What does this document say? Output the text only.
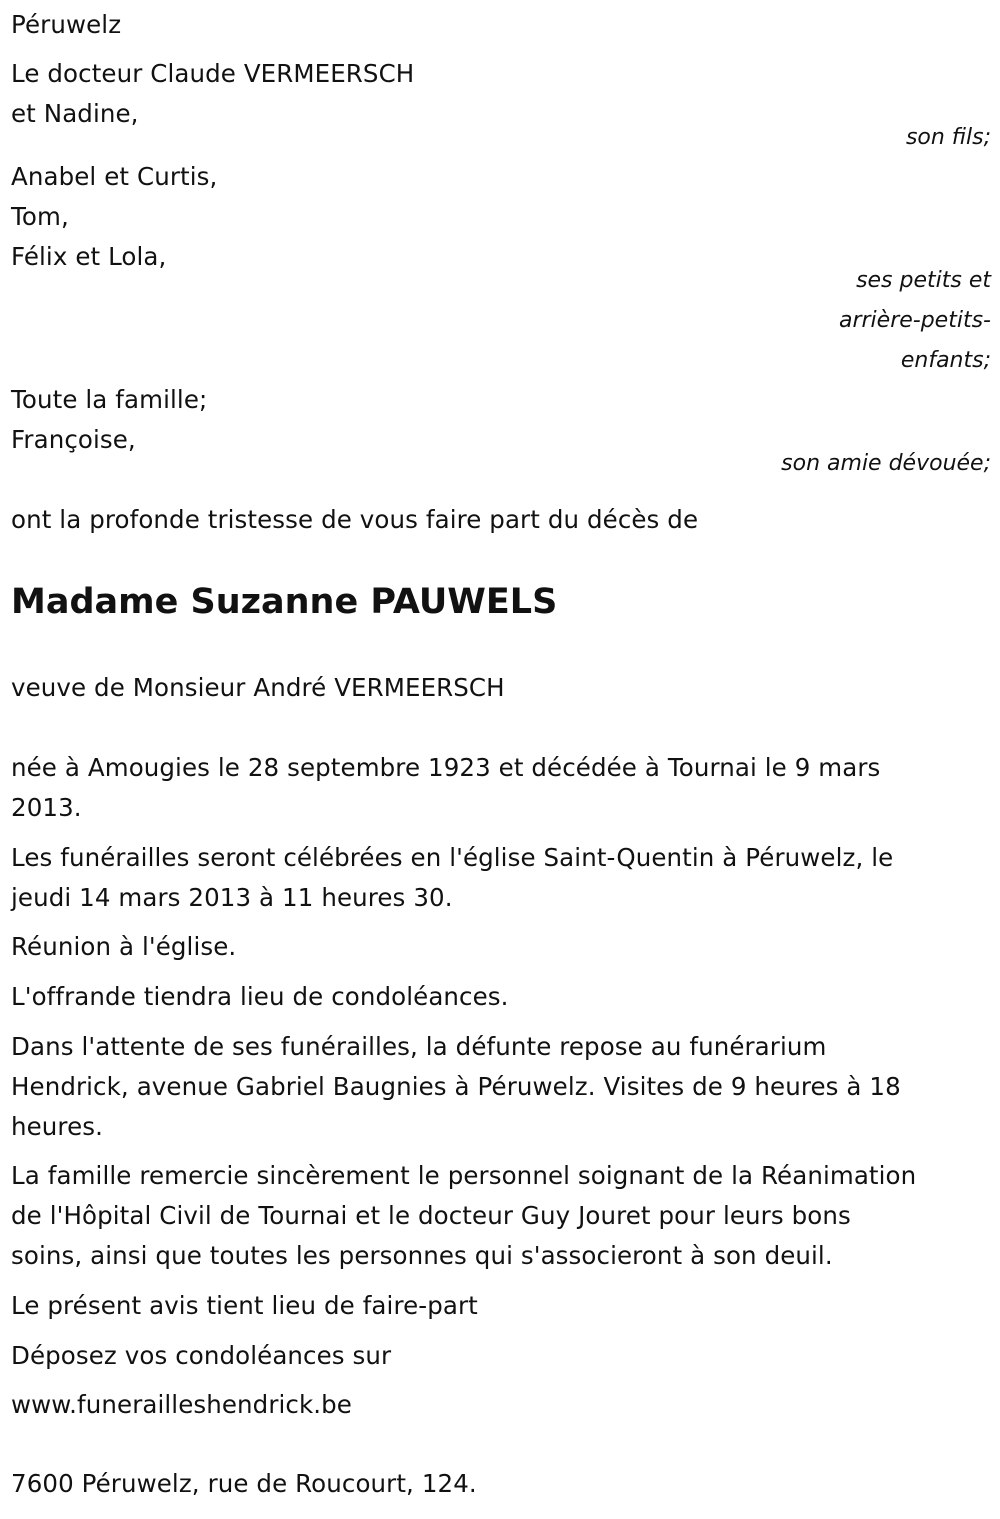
Péruwelz
Le docteur Claude VERMEERSCH
et Nadine,
son fils;
Anabel et Curtis,
Tom,
Félix et Lola,
ses petits et
arrière-petits-
enfants;
Toute la famille;
Françoise,
son amie dévouée;
ont la profonde tristesse de vous faire part du décès de
Madame Suzanne PAUWELS
veuve de Monsieur André VERMEERSCH
née à Amougies le 28 septembre 1923 et décédée à Tournai le 9 mars
2013.
Les funérailles seront célébrées en l'église Saint-Quentin à Péruwelz, le
jeudi 14 mars 2013 à 11 heures 30.
Réunion à l'église.
L'offrande tiendra lieu de condoléances.
Dans l'attente de ses funérailles, la défunte repose au funérarium
Hendrick, avenue Gabriel Baugnies à Péruwelz. Visites de 9 heures à 18
heures.
La famille remercie sincèrement le personnel soignant de la Réanimation
de l'Hôpital Civil de Tournai et le docteur Guy Jouret pour leurs bons
soins, ainsi que toutes les personnes qui s'associeront à son deuil.
Le présent avis tient lieu de faire-part
Déposez vos condoléances sur
www.funerailleshendrick.be
7600 Péruwelz, rue de Roucourt, 124.
